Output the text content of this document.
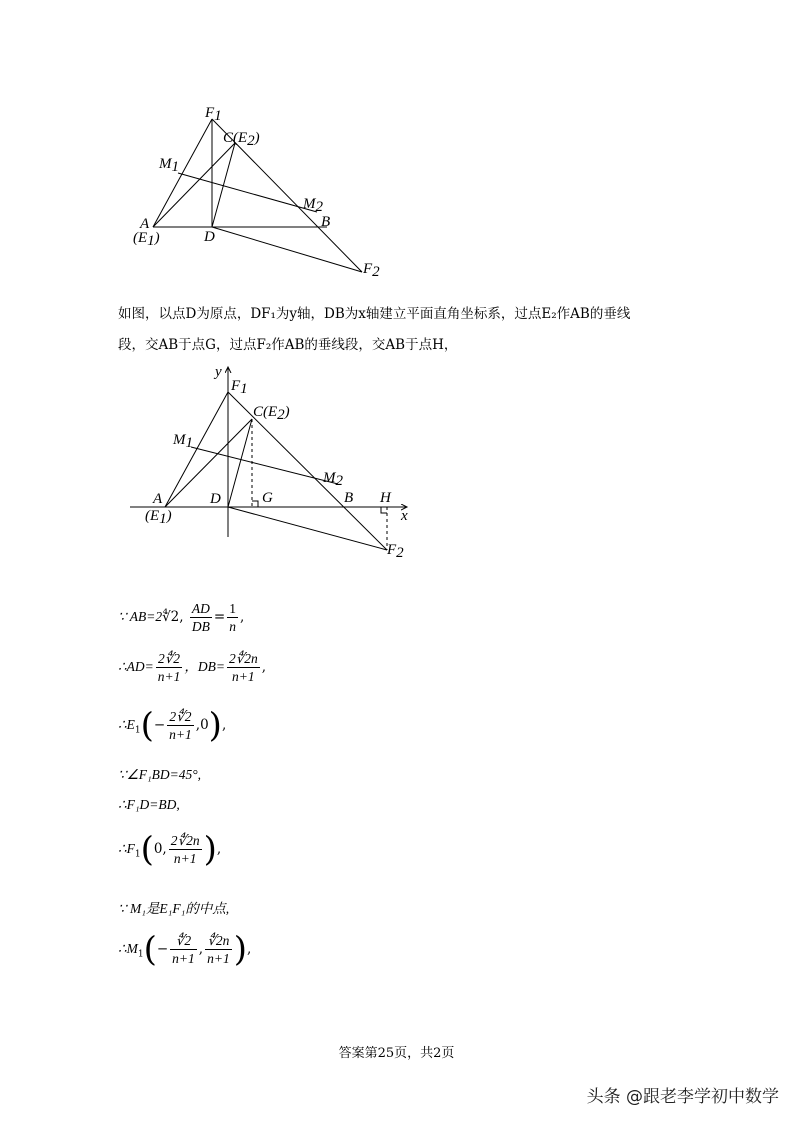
F1
C(E2)
M1
M2
A
(E1)	D
B
F2
如图，以点D为原点，DF₁为y轴，DB为x轴建立平面直角坐标系，过点E₂作AB的垂线
段，交AB于点G，过点F₂作AB的垂线段，交AB于点H，
y
x
F1
C(E2)
M1
M2
A
(E1)
D	G	B H
F2
∵ AB=2∜2, $\frac{AD}{DB} = \frac{1}{n}$ ,
∴AD= $\frac{2∜2}{n+1}$ ，$DB= \frac{2∜2n}{n+1}$ ,
$\therefore E_1(- \frac{2∜2}{n+1} ,0)$,
∵∠F₁BD=45°,
∴F₁D=BD,
$\therefore F_1(0$, $\frac{2∜2n}{n+1}$ ),
∵ M₁是E₁F₁的中点,
$\therefore M_1(- \frac{∜2}{n+1}$ , $\frac{∜2n}{n+1}$ ),
答案第25页，共2页
头条 @跟老李学初中数学
